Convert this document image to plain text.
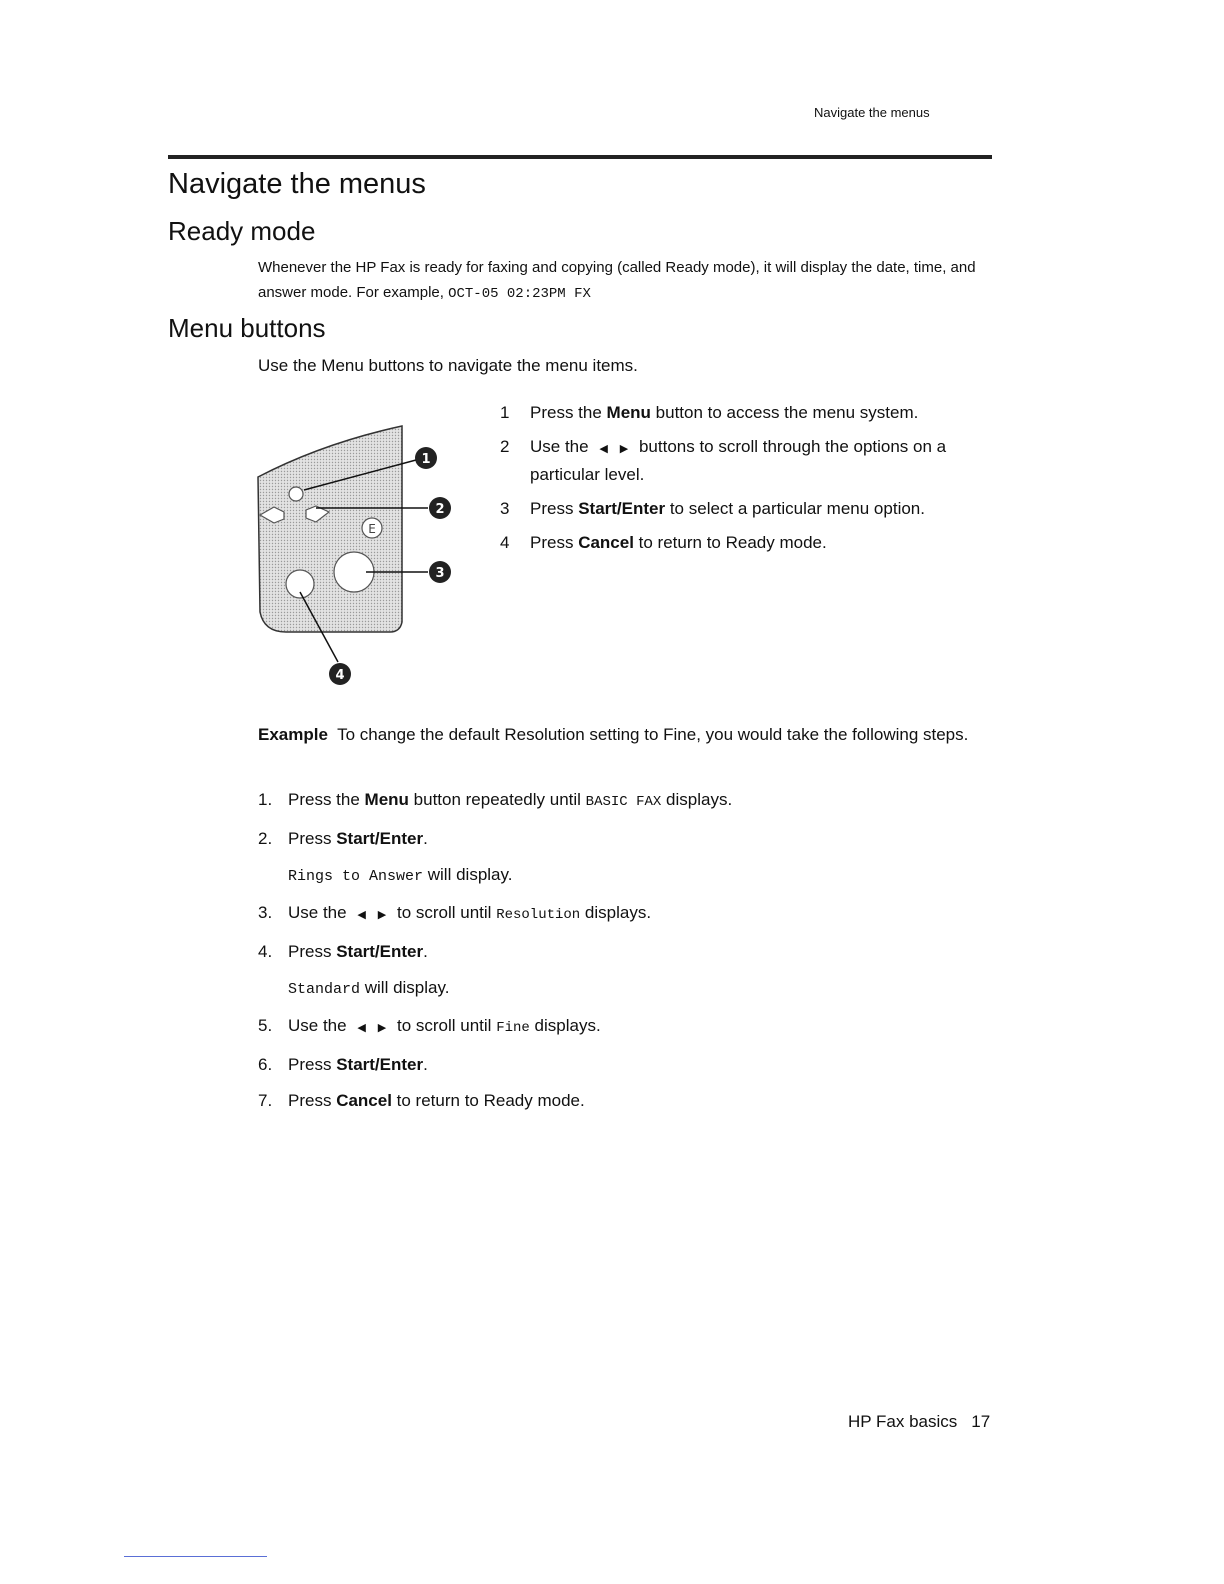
Navigate the menus
Navigate the menus
Ready mode

Whenever the HP Fax is ready for faxing and copying (called Ready mode), it will display the date, time, and answer mode. For example, OCT-05 02:23PM FX

Menu buttons

Use the Menu buttons to navigate the menu items.

E
1
2
3
4
1 Press the Menu button to access the menu system.
2 Use the ◀ ▶ buttons to scroll through the options on a particular level.
3 Press Start/Enter to select a particular menu option.
4 Press Cancel to return to Ready mode.

Example To change the default Resolution setting to Fine, you would take the following steps.

1. Press the Menu button repeatedly until BASIC FAX displays.
2. Press Start/Enter.
Rings to Answer will display.
3. Use the ◀ ▶ to scroll until Resolution displays.
4. Press Start/Enter.
Standard will display.
5. Use the ◀ ▶ to scroll until Fine displays.
6. Press Start/Enter.
7. Press Cancel to return to Ready mode.
HP Fax basics 17
